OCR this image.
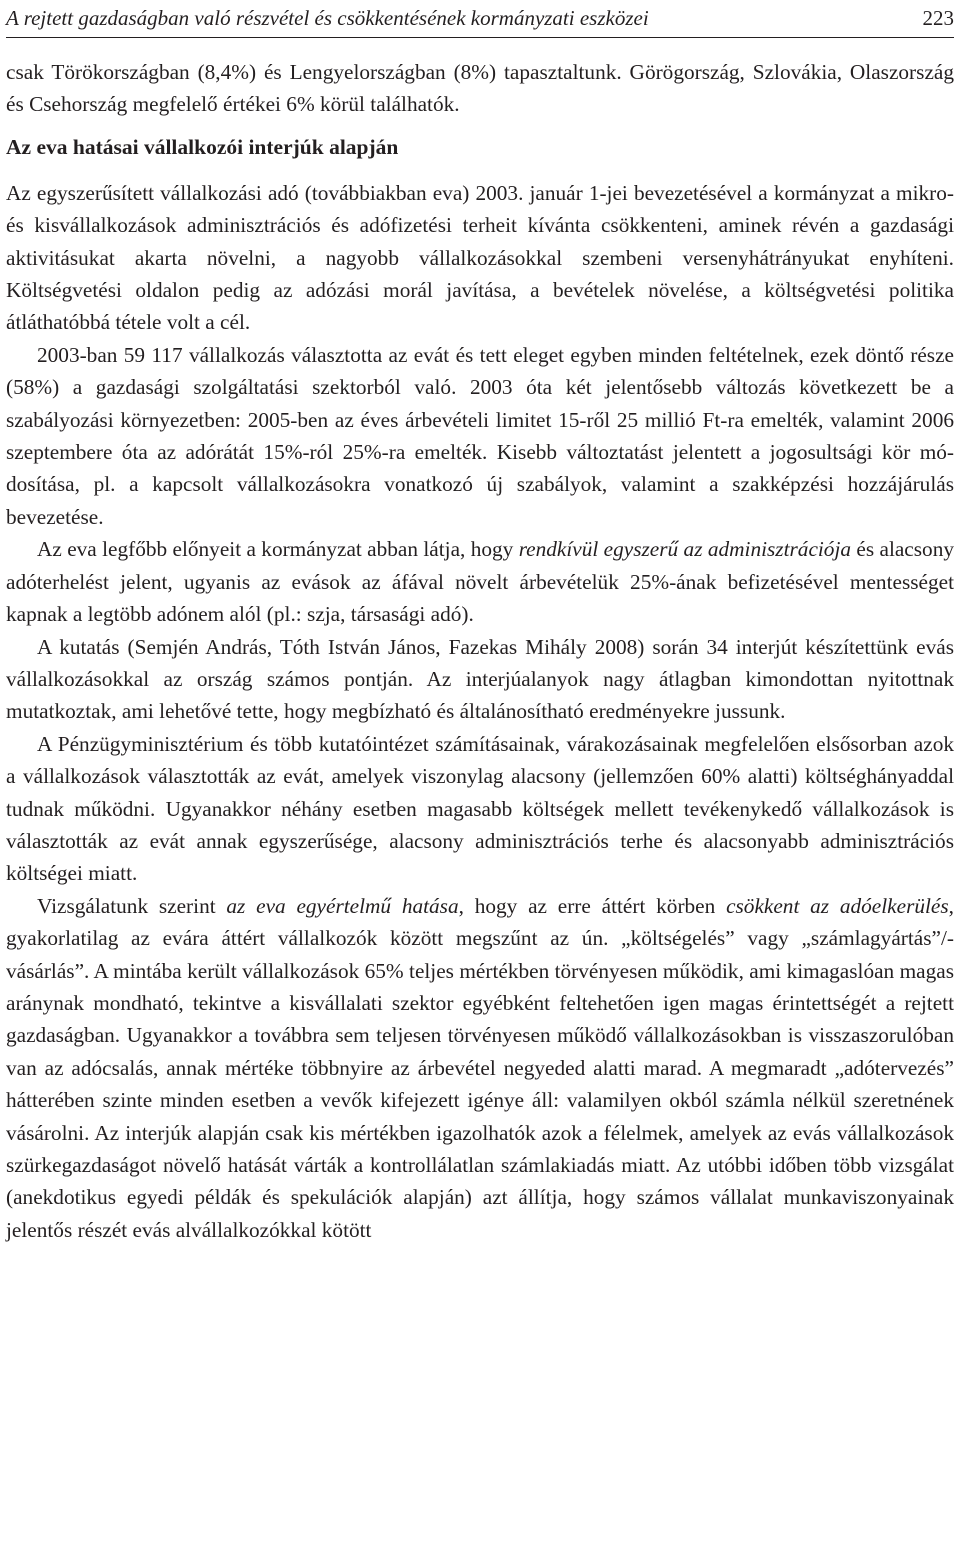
A rejtett gazdaságban való részvétel és csökkentésének kormányzati eszközei	223

csak Törökországban (8,4%) és Lengyelországban (8%) tapasztaltunk. Görögország, Szlovákia, Olaszország és Csehország megfelelő értékei 6% körül találhatók.

Az eva hatásai vállalkozói interjúk alapján

Az egyszerűsített vállalkozási adó (továbbiakban eva) 2003. január 1-jei bevezetésével a kormányzat a mikro- és kisvállalkozások adminisztrációs és adófizetési terheit kívánta csökkenteni, aminek révén a gazdasági aktivitásukat akarta növelni, a nagyobb vállalkozásokkal szembeni versenyhátrányukat enyhíteni. Költségvetési oldalon pedig az adózási morál javítása, a bevételek növelése, a költségvetési politika átláthatóbbá tétele volt a cél.

2003-ban 59 117 vállalkozás választotta az evát és tett eleget egyben minden feltételnek, ezek döntő része (58%) a gazdasági szolgáltatási szektorból való. 2003 óta két jelentősebb változás következett be a szabályozási környezetben: 2005-ben az éves árbevételi limitet 15-ről 25 millió Ft-ra emelték, valamint 2006 szeptembere óta az adórátát 15%-ról 25%-ra emelték. Kisebb változtatást jelentett a jogosultsági kör módosítása, pl. a kapcsolt vállalkozásokra vonatkozó új szabályok, valamint a szakképzési hozzájárulás bevezetése.

Az eva legfőbb előnyeit a kormányzat abban látja, hogy rendkívül egyszerű az adminisztrációja és alacsony adóterhelést jelent, ugyanis az evások az áfával növelt árbevételük 25%-ának befizetésével mentességet kapnak a legtöbb adónem alól (pl.: szja, társasági adó).

A kutatás (Semjén András, Tóth István János, Fazekas Mihály 2008) során 34 interjút készítettünk evás vállalkozásokkal az ország számos pontján. Az interjúalanyok nagy átlagban kimondottan nyitottnak mutatkoztak, ami lehetővé tette, hogy megbízható és általánosítható eredményekre jussunk.

A Pénzügyminisztérium és több kutatóintézet számításainak, várakozásainak megfelelően elsősorban azok a vállalkozások választották az evát, amelyek viszonylag alacsony (jellemzően 60% alatti) költséghányaddal tudnak működni. Ugyanakkor néhány esetben magasabb költségek mellett tevékenykedő vállalkozások is választották az evát annak egyszerűsége, alacsony adminisztrációs terhe és alacsonyabb adminisztrációs költségei miatt.

Vizsgálatunk szerint az eva egyértelmű hatása, hogy az erre áttért körben csökkent az adóelkerülés, gyakorlatilag az evára áttért vállalkozók között megszűnt az ún. „költségelés” vagy „számlagyártás”/-vásárlás”. A mintába került vállalkozások 65% teljes mértékben törvényesen működik, ami kimagaslóan magas aránynak mondható, tekintve a kisvállalati szektor egyébként feltehetően igen magas érintettségét a rejtett gazdaságban. Ugyanakkor a továbbra sem teljesen törvényesen működő vállalkozásokban is visszaszorulóban van az adócsalás, annak mértéke többnyire az árbevétel negyeded alatti marad. A megmaradt „adótervezés” hátterében szinte minden esetben a vevők kifejezett igénye áll: valamilyen okból számla nélkül szeretnének vásárolni. Az interjúk alapján csak kis mértékben igazolhatók azok a félelmek, amelyek az evás vállalkozások szürkegazdaságot növelő hatását várták a kontrollálatlan számlakiadás miatt. Az utóbbi időben több vizsgálat (anekdotikus egyedi példák és spekulációk alapján) azt állítja, hogy számos vállalat munkaviszonyainak jelentős részét evás alvállalkozókkal kötött
